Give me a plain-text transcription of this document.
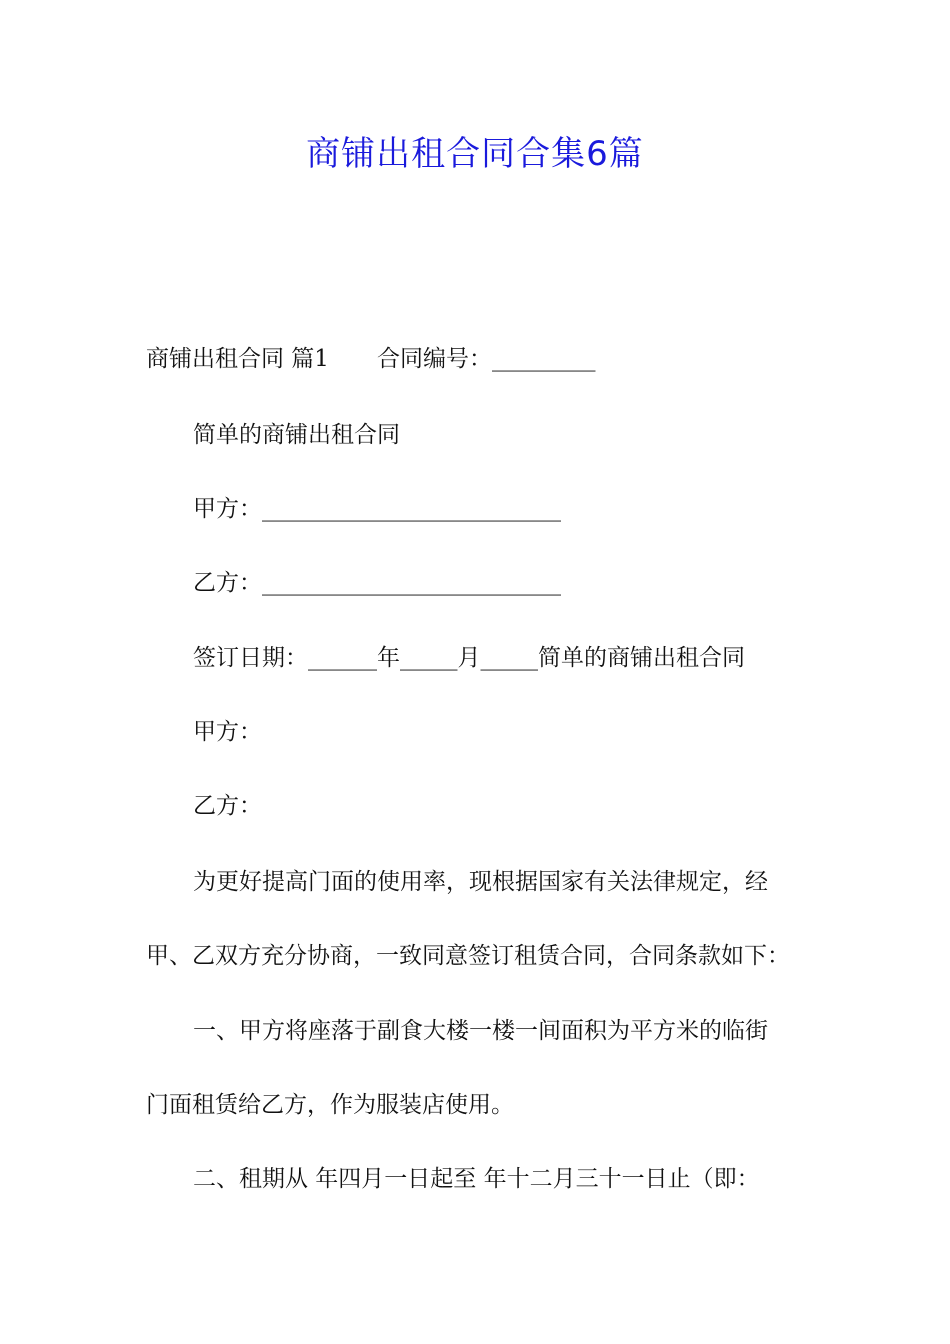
商铺出租合同合集6篇

商铺出租合同 篇1 合同编号：_________

简单的商铺出租合同

甲方：__________________________

乙方：__________________________

签订日期：______年_____月_____简单的商铺出租合同

甲方：

乙方：

为更好提高门面的使用率，现根据国家有关法律规定，经

甲、乙双方充分协商，一致同意签订租赁合同，合同条款如下：

一、甲方将座落于副食大楼一楼一间面积为平方米的临街

门面租赁给乙方，作为服装店使用。

二、租期从 年四月一日起至 年十二月三十一日止（即：
